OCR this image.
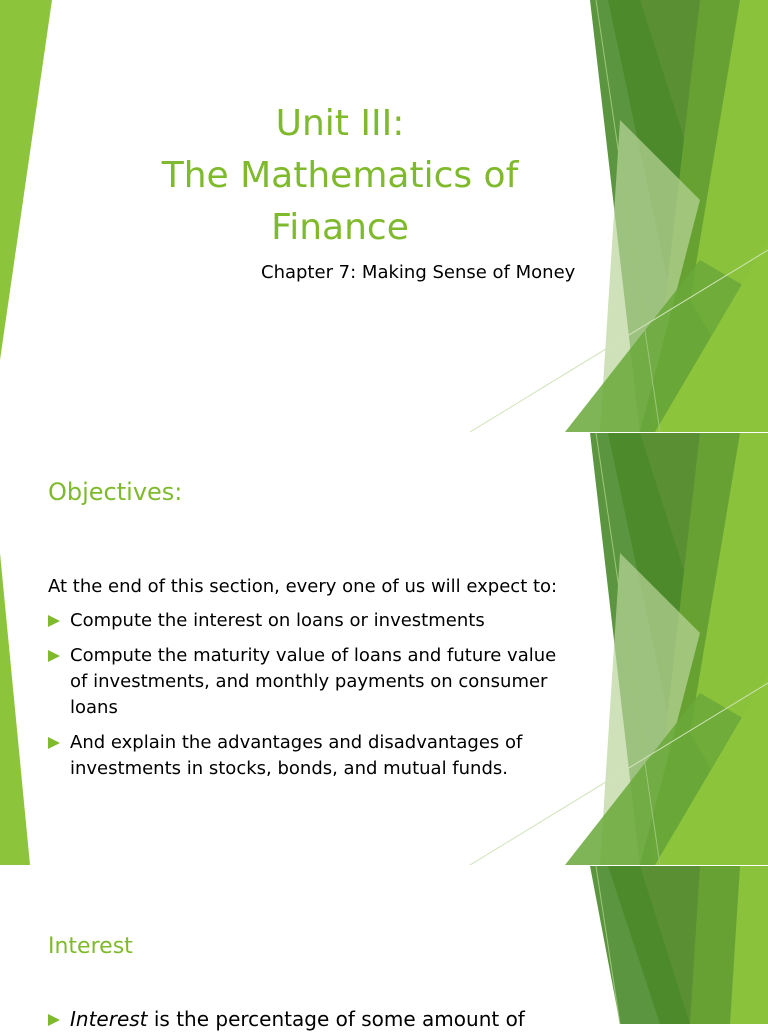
Unit III:
The Mathematics of
Finance
Chapter 7: Making Sense of Money
Objectives:
At the end of this section, every one of us will expect to:
Compute the interest on loans or investments
Compute the maturity value of loans and future value of investments, and monthly payments on consumer loans
And explain the advantages and disadvantages of investments in stocks, bonds, and mutual funds.
Interest
Interest is the percentage of some amount of
